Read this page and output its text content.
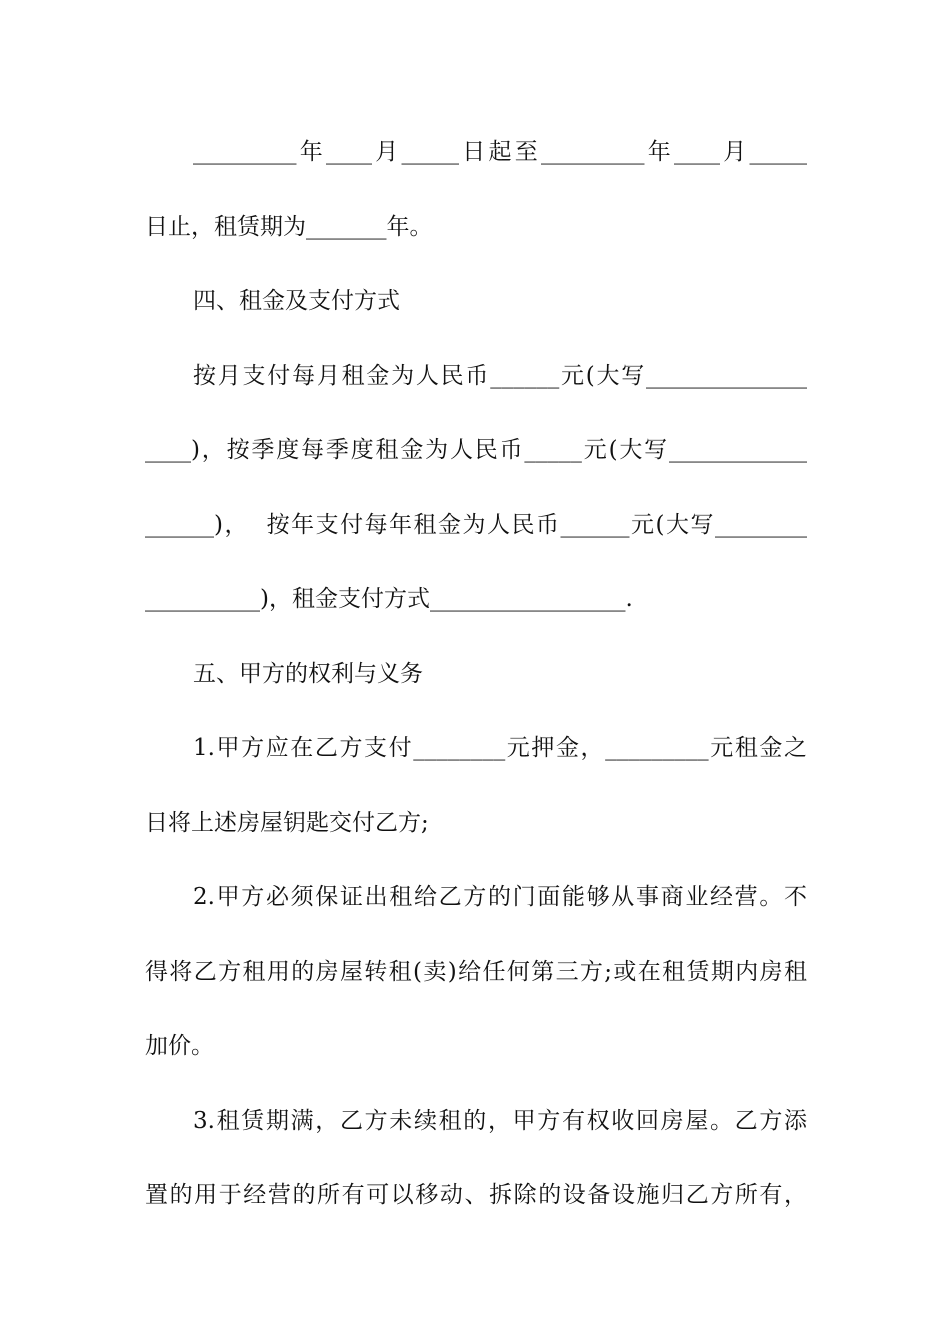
_________年____月_____日起至_________年____月_____
日止，租赁期为_______年。
四、租金及支付方式
按月支付每月租金为人民币______元(大写______________
____)，按季度每季度租金为人民币_____元(大写____________
______)，  按年支付每年租金为人民币______元(大写________
__________)，租金支付方式_________________.
五、甲方的权利与义务
1.甲方应在乙方支付________元押金，_________元租金之
日将上述房屋钥匙交付乙方;
2.甲方必须保证出租给乙方的门面能够从事商业经营。不
得将乙方租用的房屋转租(卖)给任何第三方;或在租赁期内房租
加价。
3.租赁期满，乙方未续租的，甲方有权收回房屋。乙方添
置的用于经营的所有可以移动、拆除的设备设施归乙方所有，
